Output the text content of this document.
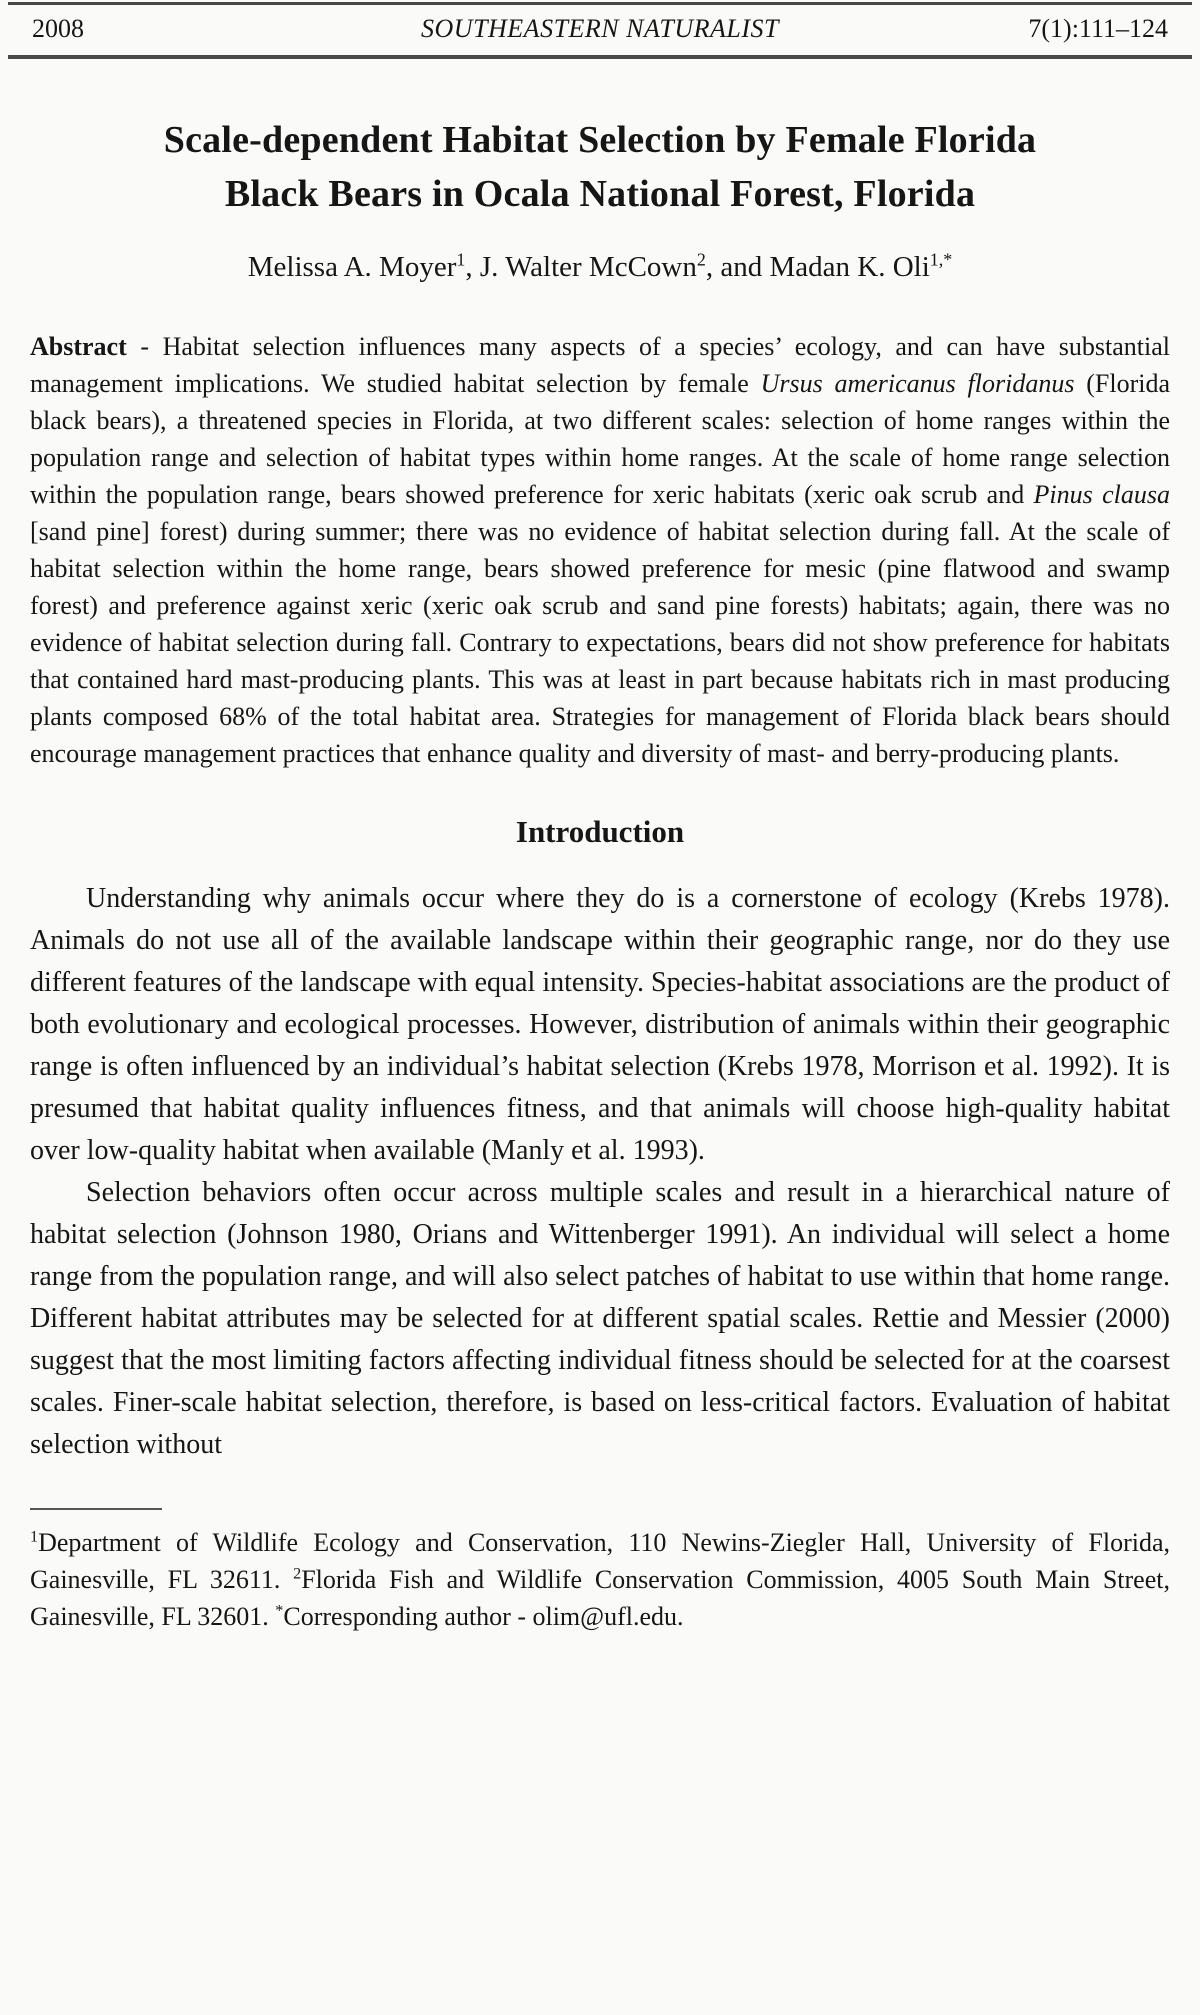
2008	SOUTHEASTERN NATURALIST	7(1):111–124
Scale-dependent Habitat Selection by Female Florida
Black Bears in Ocala National Forest, Florida
Melissa A. Moyer$^1$, J. Walter McCown$^2$, and Madan K. Oli$^{1,*}$

Abstract - Habitat selection influences many aspects of a species’ ecology, and can have substantial management implications. We studied habitat selection by female Ursus americanus floridanus (Florida black bears), a threatened species in Florida, at two different scales: selection of home ranges within the population range and selection of habitat types within home ranges. At the scale of home range selection within the population range, bears showed preference for xeric habitats (xeric oak scrub and Pinus clausa [sand pine] forest) during summer; there was no evidence of habitat selection during fall. At the scale of habitat selection within the home range, bears showed preference for mesic (pine flatwood and swamp forest) and preference against xeric (xeric oak scrub and sand pine forests) habitats; again, there was no evidence of habitat selection during fall. Contrary to expectations, bears did not show preference for habitats that contained hard mast-producing plants. This was at least in part because habitats rich in mast producing plants composed 68% of the total habitat area. Strategies for management of Florida black bears should encourage management practices that enhance quality and diversity of mast- and berry-producing plants.

Introduction

Understanding why animals occur where they do is a cornerstone of ecology (Krebs 1978). Animals do not use all of the available landscape within their geographic range, nor do they use different features of the landscape with equal intensity. Species-habitat associations are the product of both evolutionary and ecological processes. However, distribution of animals within their geographic range is often influenced by an individual’s habitat selection (Krebs 1978, Morrison et al. 1992). It is presumed that habitat quality influences fitness, and that animals will choose high-quality habitat over low-quality habitat when available (Manly et al. 1993).

Selection behaviors often occur across multiple scales and result in a hierarchical nature of habitat selection (Johnson 1980, Orians and Wittenberger 1991). An individual will select a home range from the population range, and will also select patches of habitat to use within that home range. Different habitat attributes may be selected for at different spatial scales. Rettie and Messier (2000) suggest that the most limiting factors affecting individual fitness should be selected for at the coarsest scales. Finer-scale habitat selection, therefore, is based on less-critical factors. Evaluation of habitat selection without

$^1$Department of Wildlife Ecology and Conservation, 110 Newins-Ziegler Hall, University of Florida, Gainesville, FL 32611. $^2$Florida Fish and Wildlife Conservation Commission, 4005 South Main Street, Gainesville, FL 32601. *Corresponding author - olim@ufl.edu.
